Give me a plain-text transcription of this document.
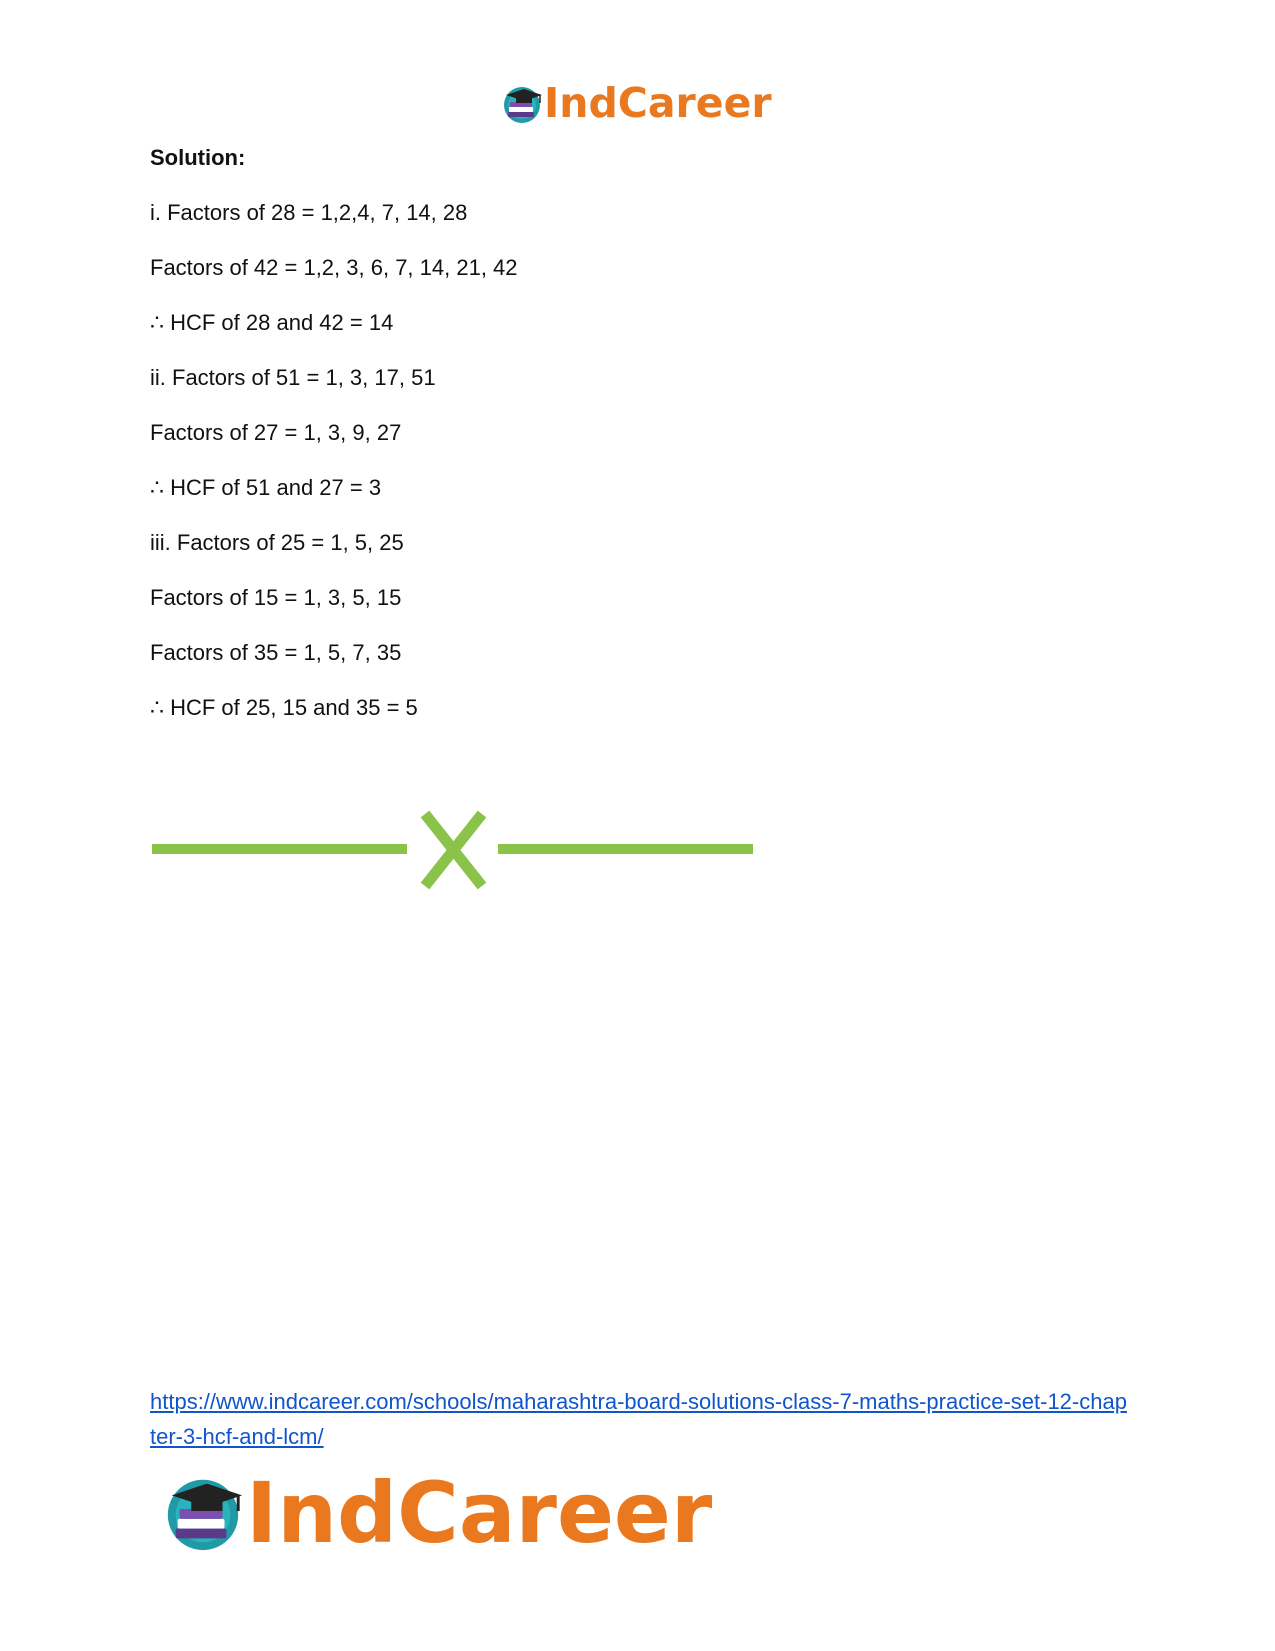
IndCareer
Solution:
i. Factors of 28 = 1,2,4, 7, 14, 28
Factors of 42 = 1,2, 3, 6, 7, 14, 21, 42
∴ HCF of 28 and 42 = 14
ii. Factors of 51 = 1, 3, 17, 51
Factors of 27 = 1, 3, 9, 27
∴ HCF of 51 and 27 = 3
iii. Factors of 25 = 1, 5, 25
Factors of 15 = 1, 3, 5, 15
Factors of 35 = 1, 5, 7, 35
∴ HCF of 25, 15 and 35 = 5
https://www.indcareer.com/schools/maharashtra-board-solutions-class-7-maths-practice-set-12-chapter-3-hcf-and-lcm/
IndCareer
